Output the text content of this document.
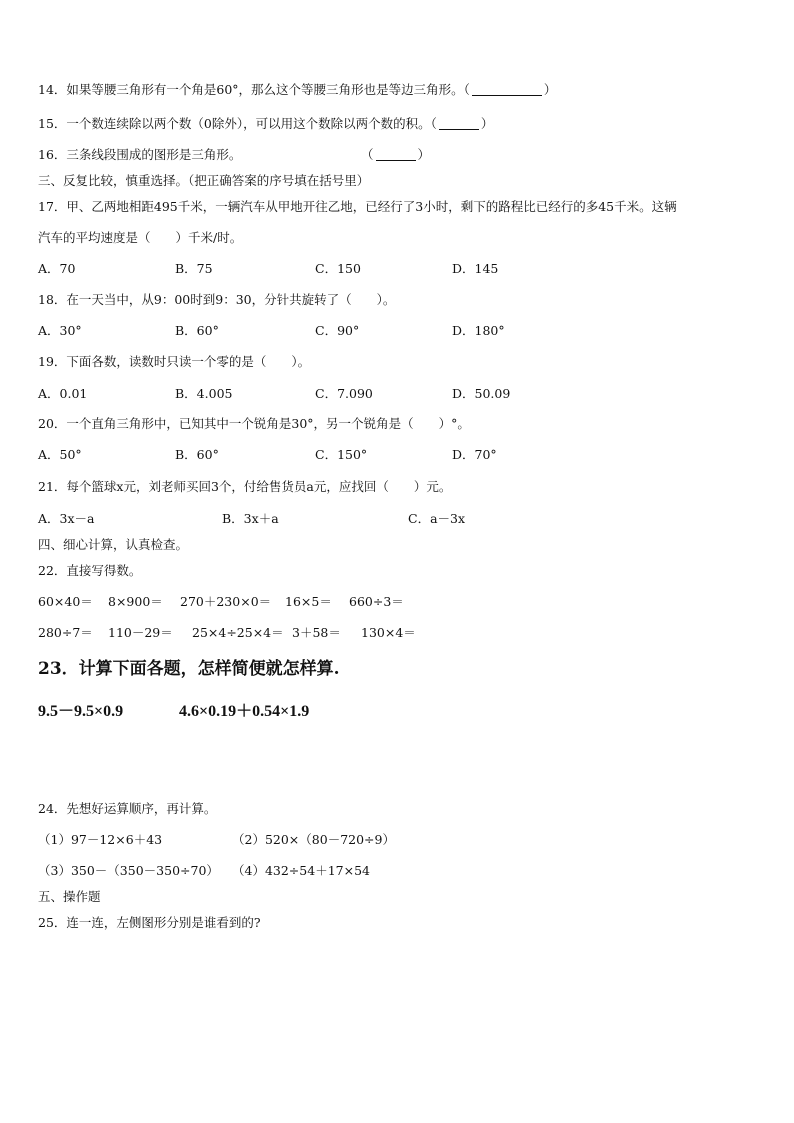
14．如果等腰三角形有一个角是60°，那么这个等腰三角形也是等边三角形。（	）
15．一个数连续除以两个数（0除外），可以用这个数除以两个数的积。（	）
16．三条线段围成的图形是三角形。	（	）
三、反复比较，慎重选择。（把正确答案的序号填在括号里）
17．甲、乙两地相距495千米，一辆汽车从甲地开往乙地，已经行了3小时，剩下的路程比已经行的多45千米。这辆
汽车的平均速度是（　　）千米/时。
A．70	B．75	C．150	D．145
18．在一天当中，从9：00时到9：30，分针共旋转了（　　）。
A．30°	B．60°	C．90°	D．180°
19．下面各数，读数时只读一个零的是（　　）。
A．0.01	B．4.005	C．7.090	D．50.09
20．一个直角三角形中，已知其中一个锐角是30°，另一个锐角是（　　）°。
A．50°	B．60°	C．150°	D．70°
21．每个篮球x元，刘老师买回3个，付给售货员a元，应找回（　　）元。
A．3x－a	B．3x＋a	C．a－3x
四、细心计算，认真检查。
22．直接写得数。
60×40＝ 8×900＝ 270＋230×0＝ 16×5＝ 660÷3＝
280÷7＝ 110－29＝ 25×4÷25×4＝ 3＋58＝ 130×4＝
23．计算下面各题，怎样简便就怎样算.
9.5－9.5×0.9	4.6×0.19＋0.54×1.9
24．先想好运算顺序，再计算。
（1）97－12×6＋43	（2）520×（80－720÷9）
（3）350－（350－350÷70） （4）432÷54＋17×54
五、操作题
25．连一连，左侧图形分别是谁看到的?
